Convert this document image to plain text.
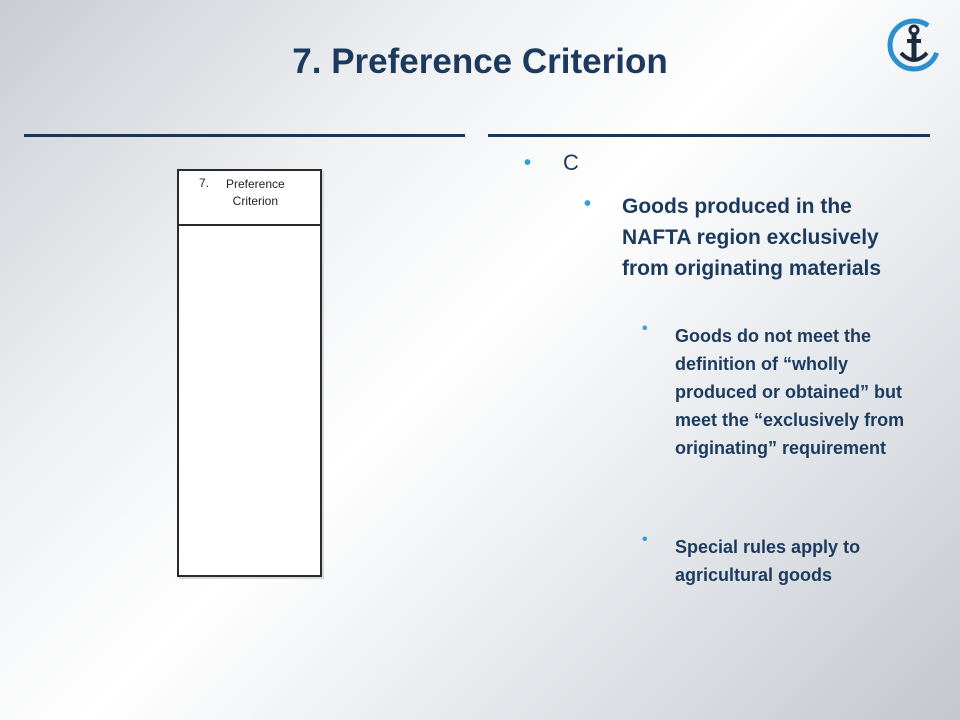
7. Preference Criterion
7. Preference
Criterion
• C
• Goods produced in the NAFTA region exclusively from originating materials
• Goods do not meet the definition of “wholly produced or obtained” but meet the “exclusively from originating” requirement
• Special rules apply to agricultural goods
